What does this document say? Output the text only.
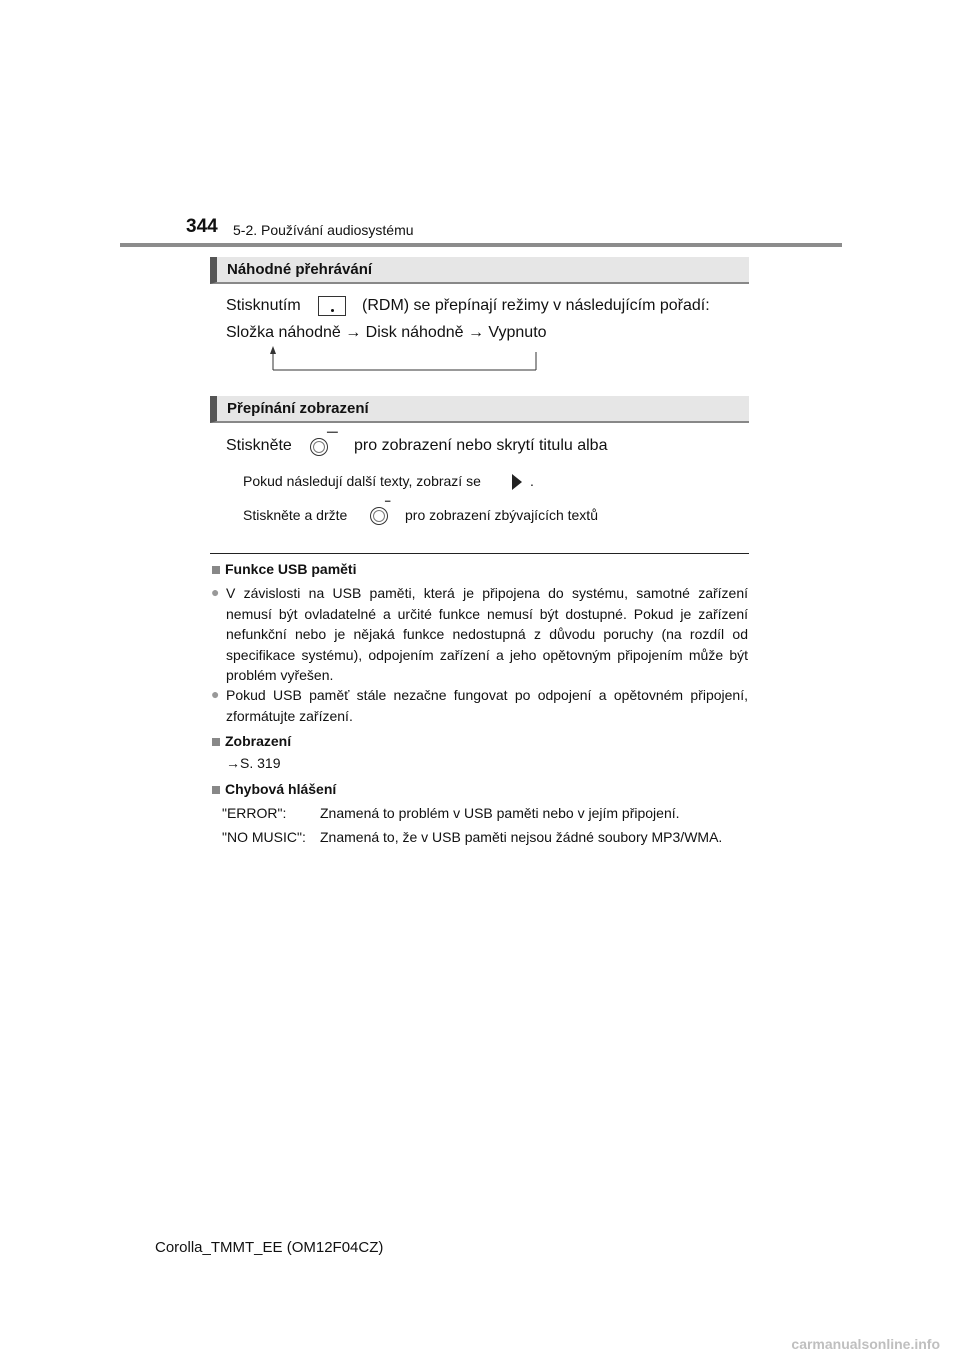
344 5-2. Používání audiosystému
Náhodné přehrávání
Stisknutím	(RDM) se přepínají režimy v následujícím pořadí:
Složka náhodně → Disk náhodně → Vypnuto
Přepínání zobrazení
Stiskněte
▔▔
pro zobrazení nebo skrytí titulu alba
Pokud následují další texty, zobrazí se	.
Stiskněte a držte
▔
pro zobrazení zbývajících textů
Funkce USB paměti
● V závislosti na USB paměti, která je připojena do systému, samotné zařízení nemusí být ovladatelné a určité funkce nemusí být dostupné. Pokud je zařízení nefunkční nebo je nějaká funkce nedostupná z důvodu poruchy (na rozdíl od specifikace systému), odpojením zařízení a jeho opětovným připojením může být problém vyřešen.
● Pokud USB paměť stále nezačne fungovat po odpojení a opětovném připojení, zformátujte zařízení.
Zobrazení
→S. 319
Chybová hlášení
"ERROR": Znamená to problém v USB paměti nebo v jejím připojení.
"NO MUSIC": Znamená to, že v USB paměti nejsou žádné soubory MP3/WMA.
Corolla_TMMT_EE (OM12F04CZ)
carmanualsonline.info
